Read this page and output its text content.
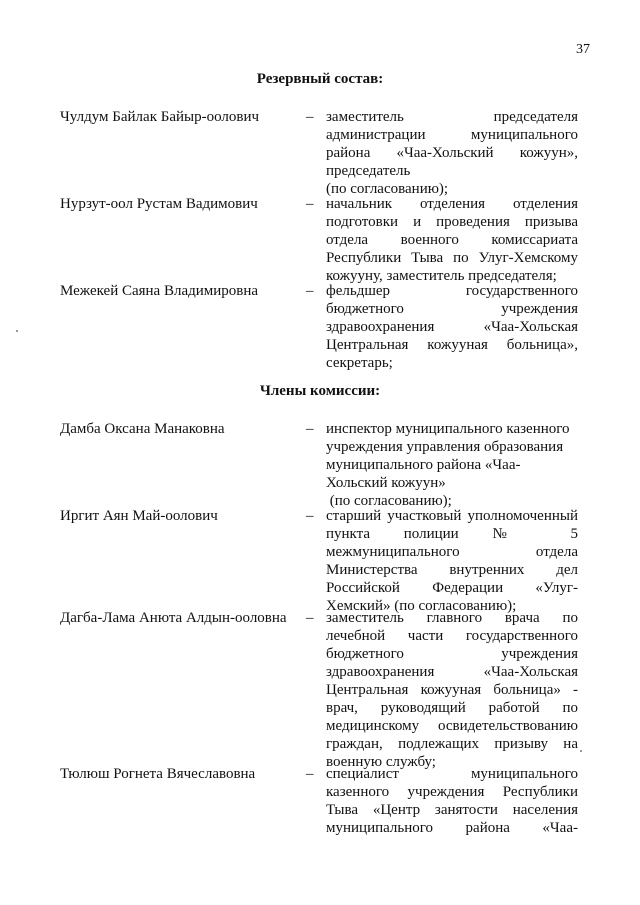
37
Резервный состав:
Чулдум Байлак Байыр-оолович	– заместитель председателя
администрации муниципального
района «Чаа-Хольский кожуун»,
председатель
(по согласованию);
Нурзут-оол Рустам Вадимович	– начальник отделения отделения
подготовки и проведения призыва
отдела военного комиссариата
Республики Тыва по Улуг-Хемскому
кожууну, заместитель председателя;
Межекей Саяна Владимировна	– фельдшер государственного
бюджетного учреждения
здравоохранения «Чаа-Хольская
Центральная кожууная больница»,
секретарь;
Члены комиссии:
Дамба Оксана Манаковна	– инспектор муниципального казенного
учреждения управления образования
муниципального района «Чаа-
Хольский кожуун»
(по согласованию);
Иргит Аян Май-оолович	– старший участковый уполномоченный
пункта полиции № 5
межмуниципального отдела
Министерства внутренних дел
Российской Федерации «Улуг-
Хемский» (по согласованию);
Дагба-Лама Анюта Алдын-ооловна	– заместитель главного врача по
лечебной части государственного
бюджетного учреждения
здравоохранения «Чаа-Хольская
Центральная кожууная больница» -
врач, руководящий работой по
медицинскому освидетельствованию
граждан, подлежащих призыву на
военную службу;
Тюлюш Рогнета Вячеславовна	– специалист муниципального
казенного учреждения Республики
Тыва «Центр занятости населения
муниципального района «Чаа-
